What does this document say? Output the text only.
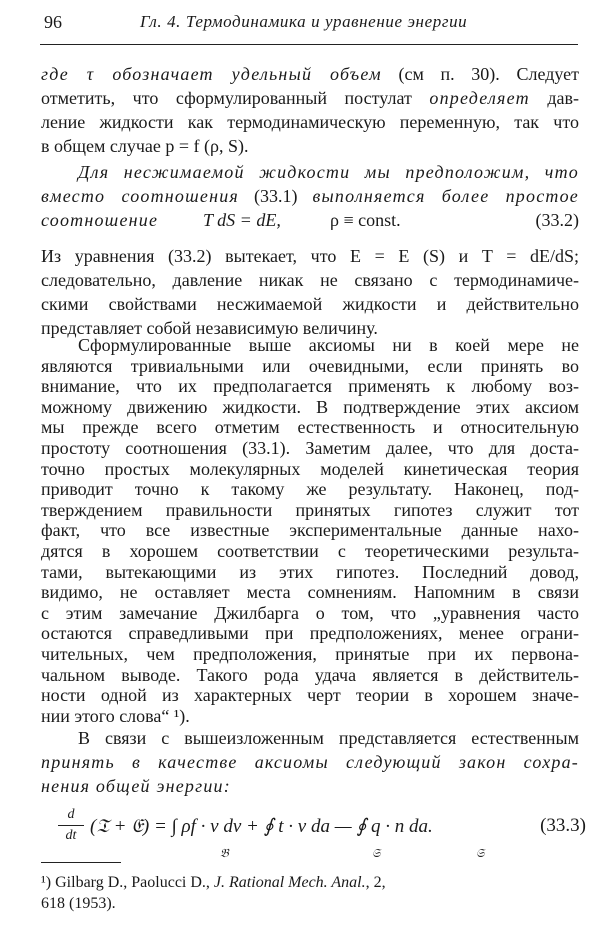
96	Гл. 4. Термодинамика и уравнение энергии
где τ обозначает удельный объем (см п. 30). Следует
отметить, что сформулированный постулат определяет дав-
ление жидкости как термодинамическую переменную, так что
в общем случае p = f (ρ, S).
Для несжимаемой жидкости мы предположим, что
вместо соотношения (33.1) выполняется более простое
соотношение	T dS = dE,	ρ ≡ const.	(33.2)
Из уравнения (33.2) вытекает, что E = E (S) и T = dE/dS;
следовательно, давление никак не связано с термодинамиче-
скими свойствами несжимаемой жидкости и действительно
представляет собой независимую величину.
Сформулированные выше аксиомы ни в коей мере не
являются тривиальными или очевидными, если принять во
внимание, что их предполагается применять к любому воз-
можному движению жидкости. В подтверждение этих аксиом
мы прежде всего отметим естественность и относительную
простоту соотношения (33.1). Заметим далее, что для доста-
точно простых молекулярных моделей кинетическая теория
приводит точно к такому же результату. Наконец, под-
тверждением правильности принятых гипотез служит тот
факт, что все известные экспериментальные данные нахо-
дятся в хорошем соответствии с теоретическими результа-
тами, вытекающими из этих гипотез. Последний довод,
видимо, не оставляет места сомнениям. Напомним в связи
с этим замечание Джилбарга о том, что „уравнения часто
остаются справедливыми при предположениях, менее ограни-
чительных, чем предположения, принятые при их первона-
чальном выводе. Такого рода удача является в действитель-
ности одной из характерных черт теории в хорошем значе-
нии этого слова“ ¹).
В связи с вышеизложенным представляется естественным
принять в качестве аксиомы следующий закон сохра-
нения общей энергии:
d
dt (𝔗 + 𝔈) = ∫ ρf · v dv + ∮ t · v da — ∮ q · n da.
𝔅	𝔖	𝔖
(33.3)
¹) Gilbarg D., Paolucci D., J. Rational Mech. Anal., 2,
618 (1953).
